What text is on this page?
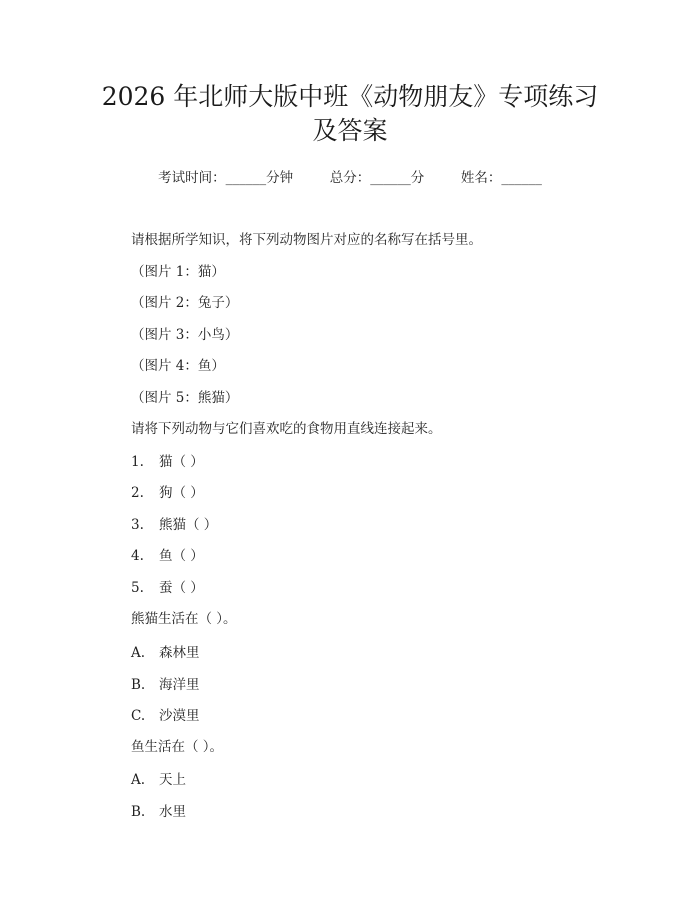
2026 年北师大版中班《动物朋友》专项练习
及答案
考试时间：______分钟	总分：______分	姓名：______
请根据所学知识，将下列动物图片对应的名称写在括号里。
（图片 1：猫）
（图片 2：兔子）
（图片 3：小鸟）
（图片 4：鱼）
（图片 5：熊猫）
请将下列动物与它们喜欢吃的食物用直线连接起来。
1. 猫（ ）
2. 狗（ ）
3. 熊猫（ ）
4. 鱼（ ）
5. 蚕（ ）
熊猫生活在（ ）。
A. 森林里
B. 海洋里
C. 沙漠里
鱼生活在（ ）。
A. 天上
B. 水里
